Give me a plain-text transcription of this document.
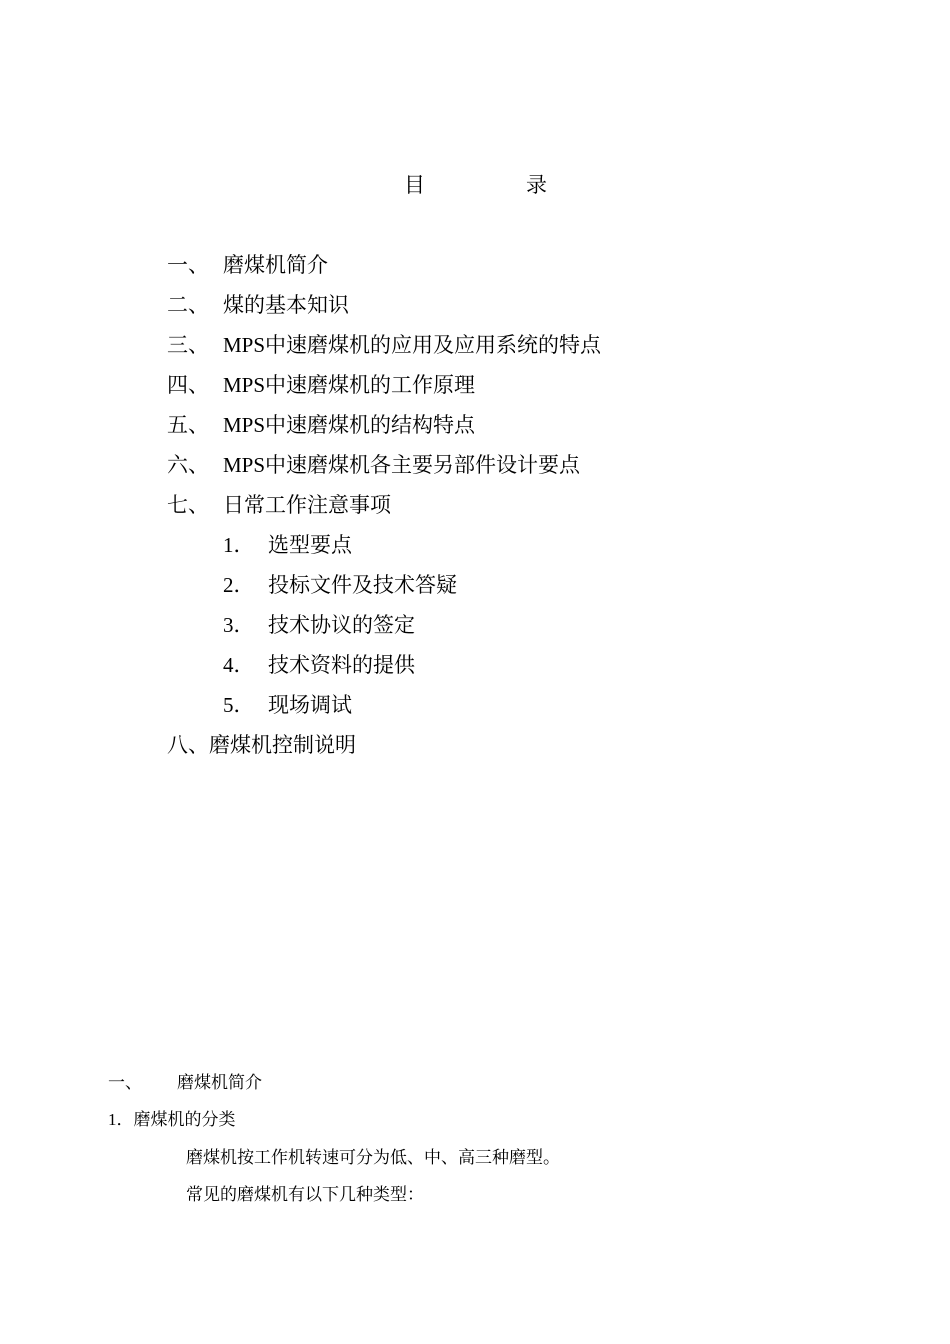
目	录
一、 磨煤机简介
二、 煤的基本知识
三、 MPS中速磨煤机的应用及应用系统的特点
四、 MPS中速磨煤机的工作原理
五、 MPS中速磨煤机的结构特点
六、 MPS中速磨煤机各主要另部件设计要点
七、 日常工作注意事项
1． 选型要点
2． 投标文件及技术答疑
3． 技术协议的签定
4． 技术资料的提供
5． 现场调试
八、磨煤机控制说明
一、 磨煤机简介
1．磨煤机的分类
磨煤机按工作机转速可分为低、中、高三种磨型。
常见的磨煤机有以下几种类型：
